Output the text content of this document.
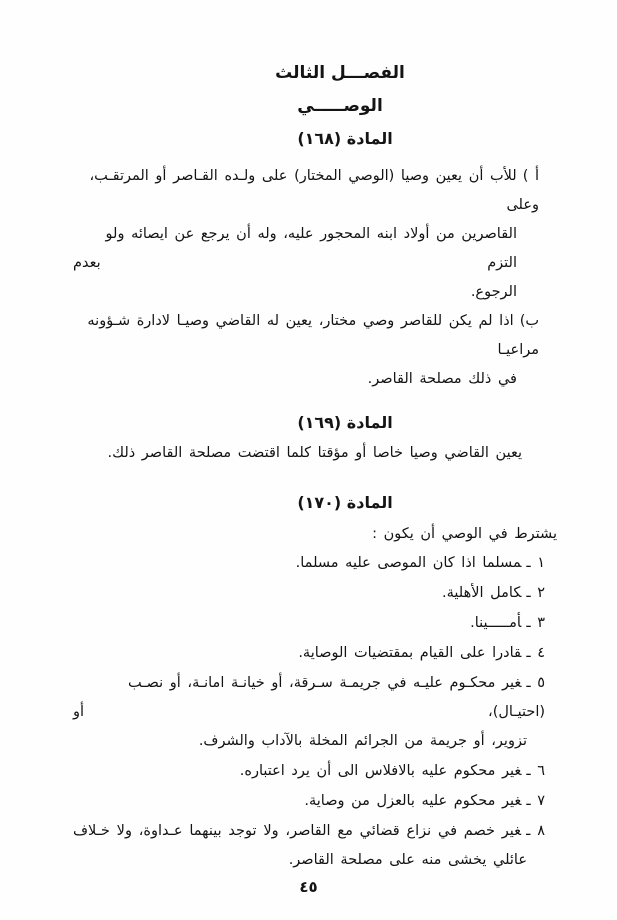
الفصـــل الثالث
الوصـــــي
المادة (١٦٨)
أ )للأب أن يعين وصيا (الوصي المختار) على ولـده القـاصر أو المرتقـب، وعلى
القاصرين من أولاد ابنه المحجور عليه، وله أن يرجع عن ايصائه ولو التزم بعدم
الرجوع.
ب)اذا لم يكن للقاصر وصي مختار، يعين له القاضي وصيـا لادارة شـؤونه مراعيـا
في ذلك مصلحة القاصر.
المادة (١٦٩)
يعين القاضي وصيا خاصا أو مؤقتا كلما اقتضت مصلحة القاصر ذلك.
المادة (١٧٠)
يشترط في الوصي أن يكون :
١ ـمسلما اذا كان الموصى عليه مسلما.
٢ ـكامل الأهلية.
٣ ـأمـــــينا.
٤ ـقادرا على القيام بمقتضيات الوصاية.
٥ ـغير محكـوم عليـه في جريمـة سـرقة، أو خيانـة امانـة، أو نصـب (احتيـال)، أو
تزوير، أو جريمة من الجرائم المخلة بالآداب والشرف.
٦ ـغير محكوم عليه بالافلاس الى أن يرد اعتباره.
٧ ـغير محكوم عليه بالعزل من وصاية.
٨ ـغير خصم في نزاع قضائي مع القاصر، ولا توجد بينهما عـداوة، ولا خـلاف
عائلي يخشى منه على مصلحة القاصر.
٤٥
